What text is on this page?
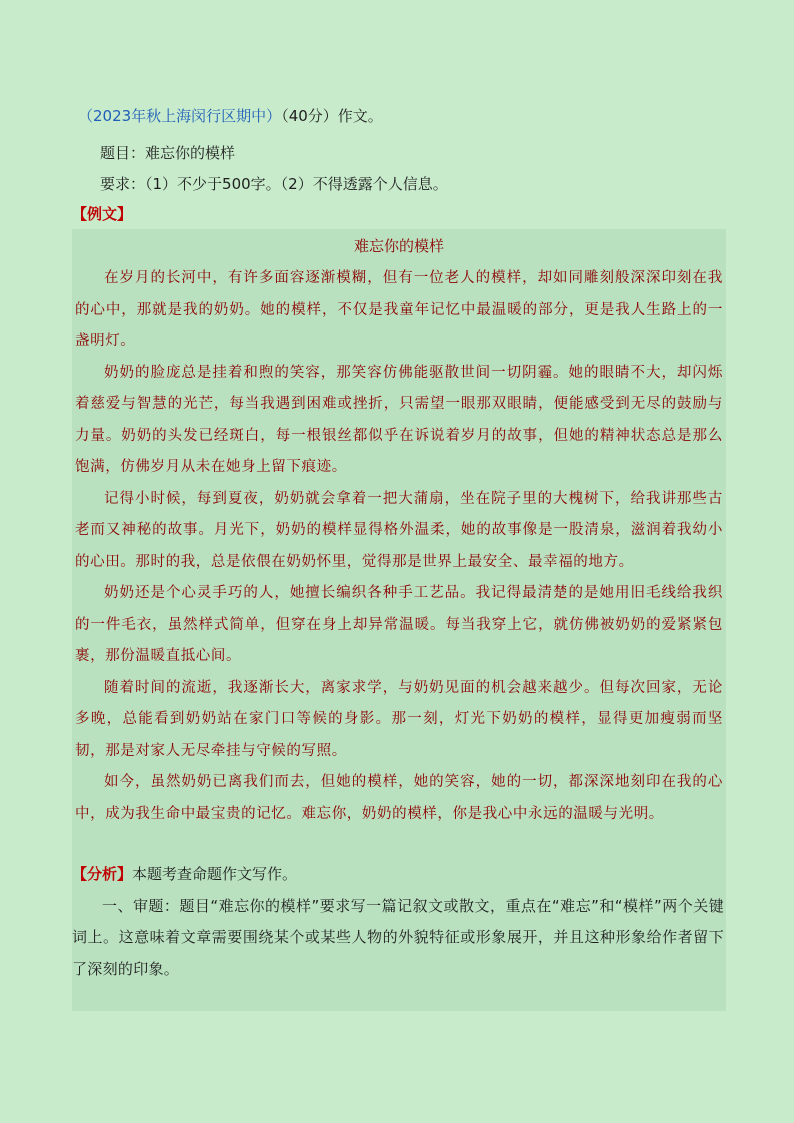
（2023年秋上海闵行区期中）（40分）作文。
题目：难忘你的模样
要求：（1）不少于500字。（2）不得透露个人信息。
【例文】
难忘你的模样

在岁月的长河中，有许多面容逐渐模糊，但有一位老人的模样，却如同雕刻般深深印刻在我的心中，那就是我的奶奶。她的模样，不仅是我童年记忆中最温暖的部分，更是我人生路上的一盏明灯。

奶奶的脸庞总是挂着和煦的笑容，那笑容仿佛能驱散世间一切阴霾。她的眼睛不大，却闪烁着慈爱与智慧的光芒，每当我遇到困难或挫折，只需望一眼那双眼睛，便能感受到无尽的鼓励与力量。奶奶的头发已经斑白，每一根银丝都似乎在诉说着岁月的故事，但她的精神状态总是那么饱满，仿佛岁月从未在她身上留下痕迹。

记得小时候，每到夏夜，奶奶就会拿着一把大蒲扇，坐在院子里的大槐树下，给我讲那些古老而又神秘的故事。月光下，奶奶的模样显得格外温柔，她的故事像是一股清泉，滋润着我幼小的心田。那时的我，总是依偎在奶奶怀里，觉得那是世界上最安全、最幸福的地方。

奶奶还是个心灵手巧的人，她擅长编织各种手工艺品。我记得最清楚的是她用旧毛线给我织的一件毛衣，虽然样式简单，但穿在身上却异常温暖。每当我穿上它，就仿佛被奶奶的爱紧紧包裹，那份温暖直抵心间。

随着时间的流逝，我逐渐长大，离家求学，与奶奶见面的机会越来越少。但每次回家，无论多晚，总能看到奶奶站在家门口等候的身影。那一刻，灯光下奶奶的模样，显得更加瘦弱而坚韧，那是对家人无尽牵挂与守候的写照。

如今，虽然奶奶已离我们而去，但她的模样，她的笑容，她的一切，都深深地刻印在我的心中，成为我生命中最宝贵的记忆。难忘你，奶奶的模样，你是我心中永远的温暖与光明。

【分析】本题考查命题作文写作。

一、审题：题目“难忘你的模样”要求写一篇记叙文或散文，重点在“难忘”和“模样”两个关键词上。这意味着文章需要围绕某个或某些人物的外貌特征或形象展开，并且这种形象给作者留下了深刻的印象。
